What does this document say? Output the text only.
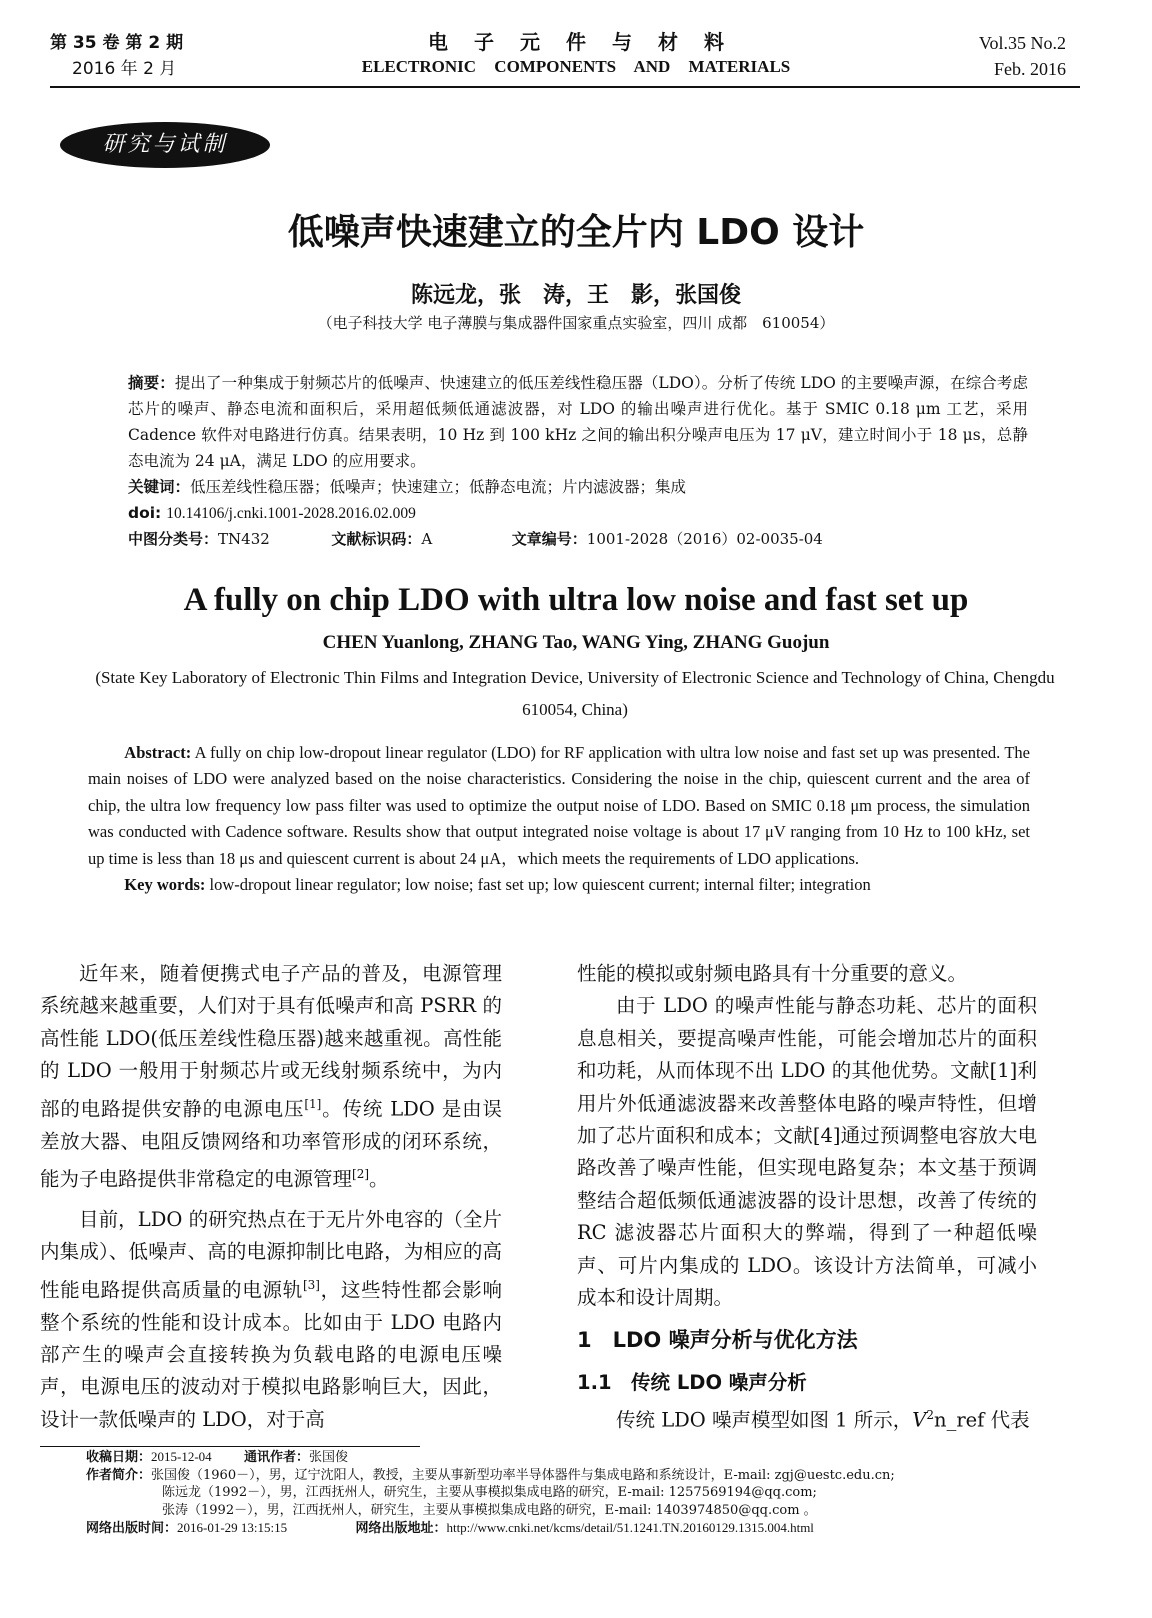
第 35 卷 第 2 期
2016 年 2 月
电子元件与材料
ELECTRONIC COMPONENTS AND MATERIALS
Vol.35 No.2
Feb. 2016
研究与试制
低噪声快速建立的全片内 LDO 设计
陈远龙，张　涛，王　影，张国俊
（电子科技大学 电子薄膜与集成器件国家重点实验室，四川 成都　610054）
摘要：提出了一种集成于射频芯片的低噪声、快速建立的低压差线性稳压器（LDO）。分析了传统 LDO 的主要噪声源，在综合考虑芯片的噪声、静态电流和面积后，采用超低频低通滤波器，对 LDO 的输出噪声进行优化。基于 SMIC 0.18 μm 工艺，采用 Cadence 软件对电路进行仿真。结果表明，10 Hz 到 100 kHz 之间的输出积分噪声电压为 17 μV，建立时间小于 18 μs，总静态电流为 24 μA，满足 LDO 的应用要求。
关键词：低压差线性稳压器；低噪声；快速建立；低静态电流；片内滤波器；集成
doi: 10.14106/j.cnki.1001-2028.2016.02.009
中图分类号：TN432	文献标识码：A	文章编号：1001-2028（2016）02-0035-04
A fully on chip LDO with ultra low noise and fast set up
CHEN Yuanlong, ZHANG Tao, WANG Ying, ZHANG Guojun
(State Key Laboratory of Electronic Thin Films and Integration Device, University of Electronic Science and Technology of China, Chengdu　610054, China)
Abstract: A fully on chip low-dropout linear regulator (LDO) for RF application with ultra low noise and fast set up was presented. The main noises of LDO were analyzed based on the noise characteristics. Considering the noise in the chip, quiescent current and the area of chip, the ultra low frequency low pass filter was used to optimize the output noise of LDO. Based on SMIC 0.18 μm process, the simulation was conducted with Cadence software. Results show that output integrated noise voltage is about 17 μV ranging from 10 Hz to 100 kHz, set up time is less than 18 μs and quiescent current is about 24 μA，which meets the requirements of LDO applications.
Key words: low-dropout linear regulator; low noise; fast set up; low quiescent current; internal filter; integration

近年来，随着便携式电子产品的普及，电源管理系统越来越重要，人们对于具有低噪声和高 PSRR 的高性能 LDO(低压差线性稳压器)越来越重视。高性能的 LDO 一般用于射频芯片或无线射频系统中，为内部的电路提供安静的电源电压[1]。传统 LDO 是由误差放大器、电阻反馈网络和功率管形成的闭环系统，能为子电路提供非常稳定的电源管理[2]。

目前，LDO 的研究热点在于无片外电容的（全片内集成）、低噪声、高的电源抑制比电路，为相应的高性能电路提供高质量的电源轨[3]，这些特性都会影响整个系统的性能和设计成本。比如由于 LDO 电路内部产生的噪声会直接转换为负载电路的电源电压噪声，电源电压的波动对于模拟电路影响巨大，因此，设计一款低噪声的 LDO，对于高

性能的模拟或射频电路具有十分重要的意义。

由于 LDO 的噪声性能与静态功耗、芯片的面积息息相关，要提高噪声性能，可能会增加芯片的面积和功耗，从而体现不出 LDO 的其他优势。文献[1]利用片外低通滤波器来改善整体电路的噪声特性，但增加了芯片面积和成本；文献[4]通过预调整电容放大电路改善了噪声性能，但实现电路复杂；本文基于预调整结合超低频低通滤波器的设计思想，改善了传统的 RC 滤波器芯片面积大的弊端，得到了一种超低噪声、可片内集成的 LDO。该设计方法简单，可减小成本和设计周期。

1　LDO 噪声分析与优化方法
1.1　传统 LDO 噪声分析

传统 LDO 噪声模型如图 1 所示，$V^2n\_ref$ 代表

收稿日期：2015-12-04 通讯作者：张国俊
作者简介：张国俊（1960－），男，辽宁沈阳人，教授，主要从事新型功率半导体器件与集成电路和系统设计，E-mail: zgj@uestc.edu.cn;
陈远龙（1992－），男，江西抚州人，研究生，主要从事模拟集成电路的研究，E-mail: 1257569194@qq.com;
张涛（1992－），男，江西抚州人，研究生，主要从事模拟集成电路的研究，E-mail: 1403974850@qq.com 。
网络出版时间：2016-01-29 13:15:15	网络出版地址：http://www.cnki.net/kcms/detail/51.1241.TN.20160129.1315.004.html
